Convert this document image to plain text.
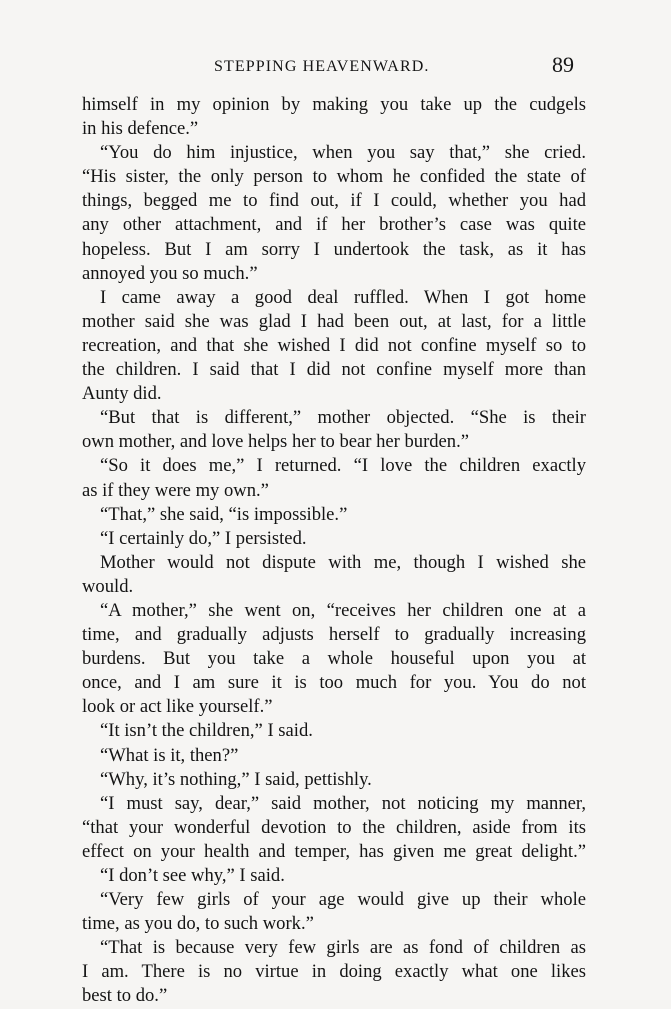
STEPPING HEAVENWARD.	89
himself in my opinion by making you take up the cudgels
in his defence.”
“You do him injustice, when you say that,” she cried.
“His sister, the only person to whom he confided the state of
things, begged me to find out, if I could, whether you had
any other attachment, and if her brother’s case was quite
hopeless. But I am sorry I undertook the task, as it has
annoyed you so much.”
I came away a good deal ruffled. When I got home
mother said she was glad I had been out, at last, for a little
recreation, and that she wished I did not confine myself so to
the children. I said that I did not confine myself more than
Aunty did.
“But that is different,” mother objected. “She is their
own mother, and love helps her to bear her burden.”
“So it does me,” I returned. “I love the children exactly
as if they were my own.”
“That,” she said, “is impossible.”
“I certainly do,” I persisted.
Mother would not dispute with me, though I wished she
would.
“A mother,” she went on, “receives her children one at a
time, and gradually adjusts herself to gradually increasing
burdens. But you take a whole houseful upon you at
once, and I am sure it is too much for you. You do not
look or act like yourself.”
“It isn’t the children,” I said.
“What is it, then?”
“Why, it’s nothing,” I said, pettishly.
“I must say, dear,” said mother, not noticing my manner,
“that your wonderful devotion to the children, aside from its
effect on your health and temper, has given me great delight.”
“I don’t see why,” I said.
“Very few girls of your age would give up their whole
time, as you do, to such work.”
“That is because very few girls are as fond of children as
I am. There is no virtue in doing exactly what one likes
best to do.”
